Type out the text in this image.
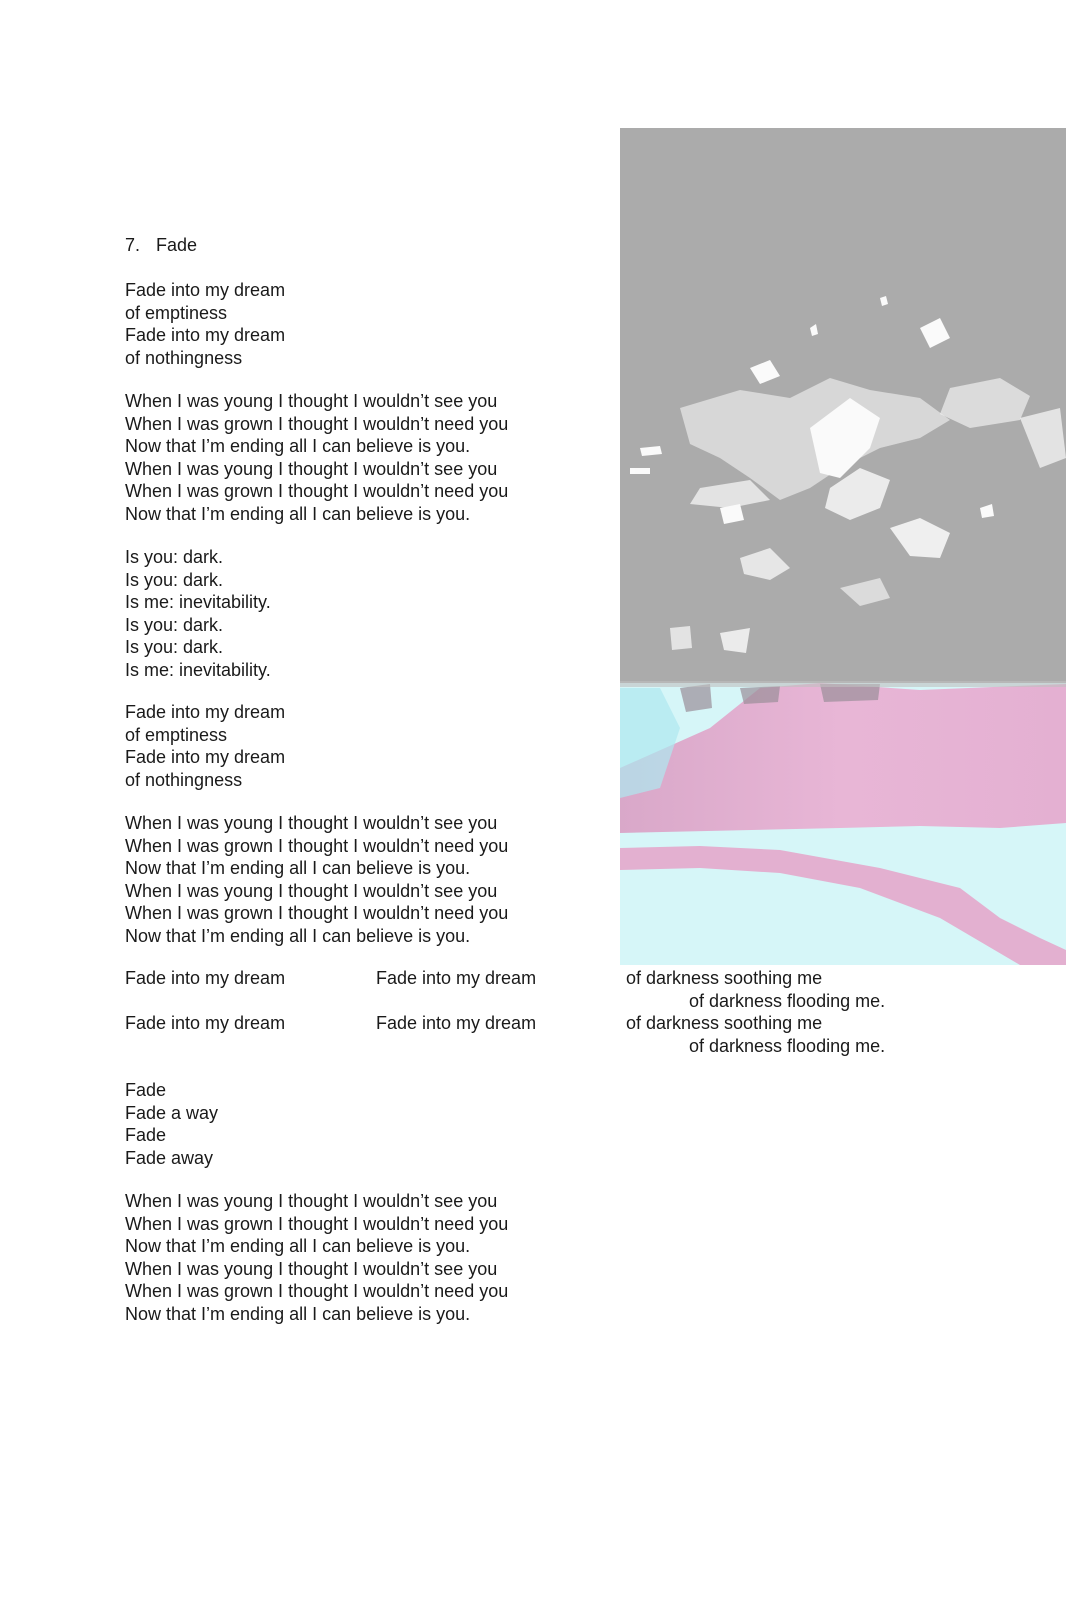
7. Fade
Fade into my dream
of emptiness
Fade into my dream
of nothingness
When I was young I thought I wouldn’t see you
When I was grown I thought I wouldn’t need you
Now that I’m ending all I can believe is you.
When I was young I thought I wouldn’t see you
When I was grown I thought I wouldn’t need you
Now that I’m ending all I can believe is you.
Is you: dark.
Is you: dark.
Is me: inevitability.
Is you: dark.
Is you: dark.
Is me: inevitability.
Fade into my dream
of emptiness
Fade into my dream
of nothingness
When I was young I thought I wouldn’t see you
When I was grown I thought I wouldn’t need you
Now that I’m ending all I can believe is you.
When I was young I thought I wouldn’t see you
When I was grown I thought I wouldn’t need you
Now that I’m ending all I can believe is you.
Fade into my dream	Fade into my dream	of darkness soothing me
of darkness flooding me.
Fade into my dream	Fade into my dream	of darkness soothing me
of darkness flooding me.
Fade
Fade a way
Fade
Fade away
When I was young I thought I wouldn’t see you
When I was grown I thought I wouldn’t need you
Now that I’m ending all I can believe is you.
When I was young I thought I wouldn’t see you
When I was grown I thought I wouldn’t need you
Now that I’m ending all I can believe is you.
